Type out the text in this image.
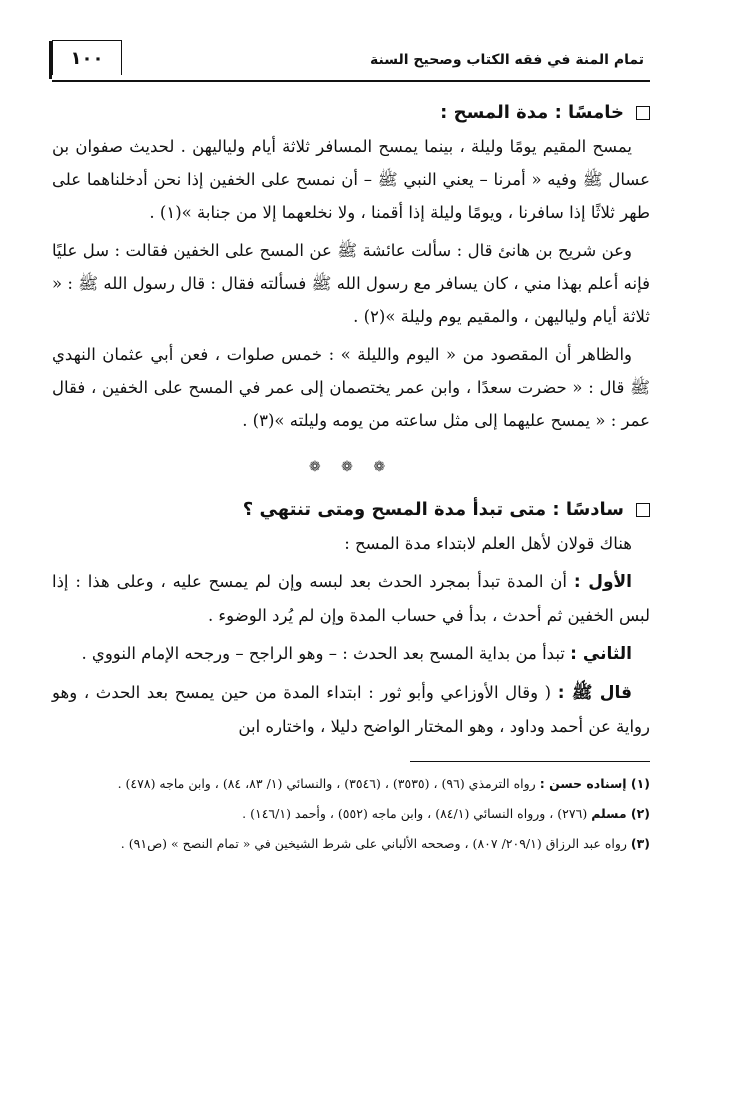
تمام المنة في فقه الكتاب وصحيح السنة
١٠٠
خامسًا : مدة المسح :

يمسح المقيم يومًا وليلة ، بينما يمسح المسافر ثلاثة أيام ولياليهن . لحديث صفوان بن عسال ﷺ وفيه « أمرنا – يعني النبي ﷺ – أن نمسح على الخفين إذا نحن أدخلناهما على طهر ثلاثًا إذا سافرنا ، ويومًا وليلة إذا أقمنا ، ولا نخلعهما إلا من جنابة »(١) .

وعن شريح بن هانئ قال : سألت عائشة ﷺ عن المسح على الخفين فقالت : سل عليًا فإنه أعلم بهذا مني ، كان يسافر مع رسول الله ﷺ فسألته فقال : قال رسول الله ﷺ : « ثلاثة أيام ولياليهن ، والمقيم يوم وليلة »(٢) .

والظاهر أن المقصود من « اليوم والليلة » : خمس صلوات ، فعن أبي عثمان النهدي ﷺ قال : « حضرت سعدًا ، وابن عمر يختصمان إلى عمر في المسح على الخفين ، فقال عمر : « يمسح عليهما إلى مثل ساعته من يومه وليلته »(٣) .

❁ ❁ ❁
سادسًا : متى تبدأ مدة المسح ومتى تنتهي ؟

هناك قولان لأهل العلم لابتداء مدة المسح :

الأول : أن المدة تبدأ بمجرد الحدث بعد لبسه وإن لم يمسح عليه ، وعلى هذا : إذا لبس الخفين ثم أحدث ، بدأ في حساب المدة وإن لم يُرد الوضوء .

الثاني : تبدأ من بداية المسح بعد الحدث : – وهو الراجح – ورجحه الإمام النووي .

قال ﷺ : ( وقال الأوزاعي وأبو ثور : ابتداء المدة من حين يمسح بعد الحدث ، وهو رواية عن أحمد وداود ، وهو المختار الواضح دليلا ، واختاره ابن

(١) إسناده حسن : رواه الترمذي (٩٦) ، (٣٥٣٥) ، (٣٥٤٦) ، والنسائي (١/ ٨٣، ٨٤) ، وابن ماجه (٤٧٨) .

(٢) مسلم (٢٧٦) ، ورواه النسائي (٨٤/١) ، وابن ماجه (٥٥٢) ، وأحمد (١٤٦/١) .

(٣) رواه عبد الرزاق (٢٠٩/١/ ٨٠٧) ، وصححه الألباني على شرط الشيخين في « تمام النصح » (ص٩١) .
